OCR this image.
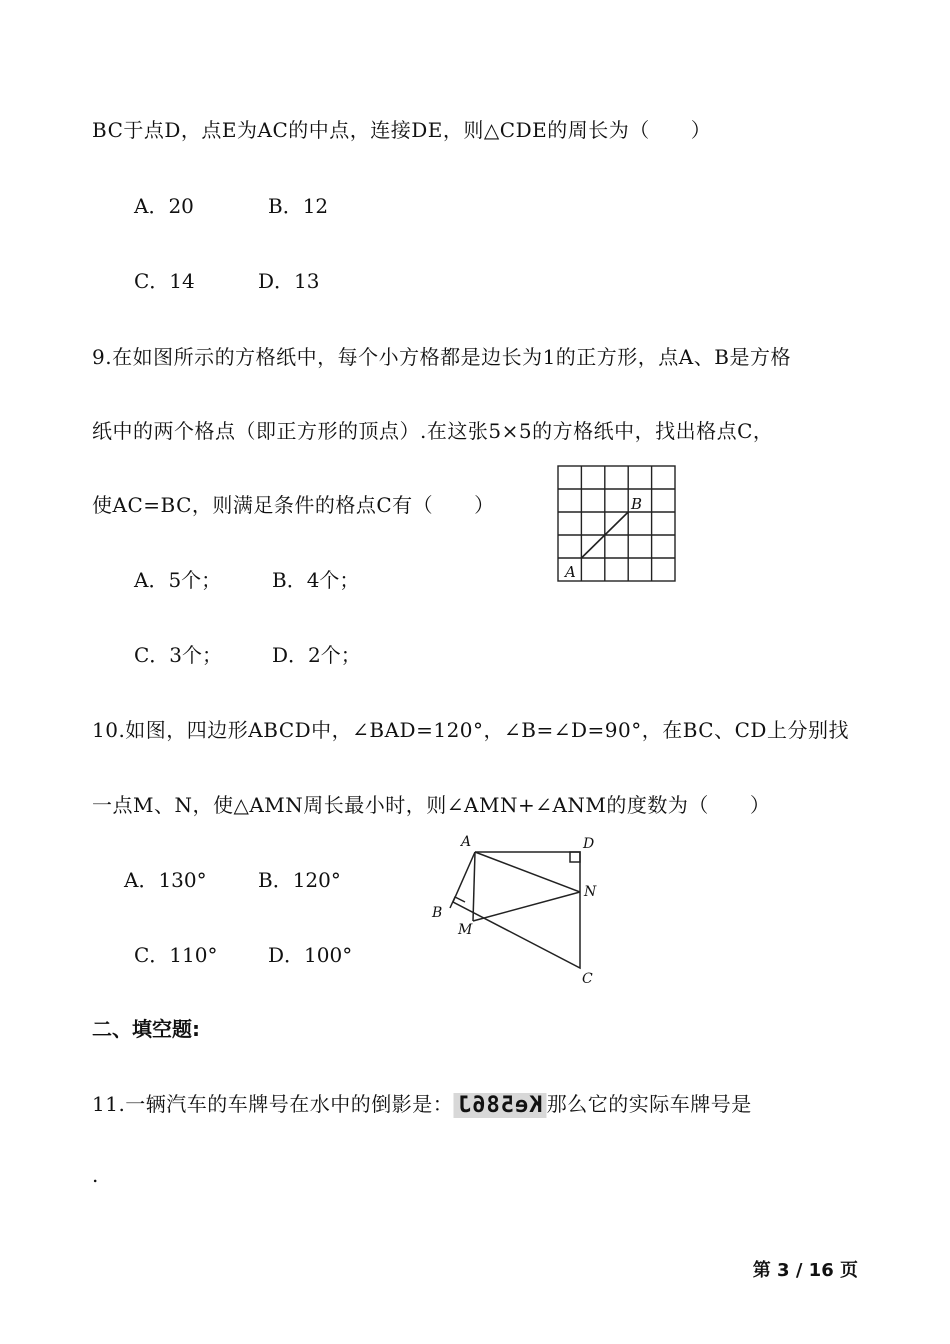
BC于点D，点E为AC的中点，连接DE，则△CDE的周长为（　　）
A．20	B．12
C．14	D．13
9.在如图所示的方格纸中，每个小方格都是边长为1的正方形，点A、B是方格
纸中的两个格点（即正方形的顶点）.在这张5×5的方格纸中，找出格点C，
使AC=BC，则满足条件的格点C有（　　）	B
A
A．5个；	B．4个；
C．3个； D．2个；
10.如图，四边形ABCD中，∠BAD=120°，∠B=∠D=90°，在BC、CD上分别找
一点M、N，使△AMN周长最小时，则∠AMN+∠ANM的度数为（　　）
A	D
N
B
M
C
A．130°	B．120°
C．110°	D．100°
二、填空题:
11.一辆汽车的车牌号在水中的倒影是： Ke586J 那么它的实际车牌号是
.
第 3 / 16 页
